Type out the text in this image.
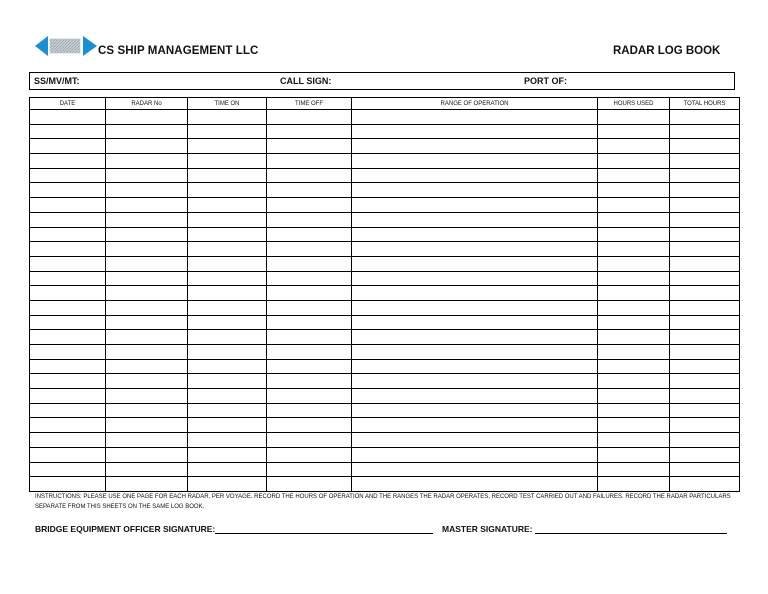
CS SHIP MANAGEMENT LLC	RADAR LOG BOOK
SS/MV/MT:	CALL SIGN:	PORT OF:
DATE	RADAR No	TIME ON	TIME OFF	RANGE OF OPERATION	HOURS USED	TOTAL HOURS

INSTRUCTIONS: PLEASE USE ONE PAGE FOR EACH RADAR, PER VOYAGE. RECORD THE HOURS OF OPERATION AND THE RANGES THE RADAR OPERATES, RECORD TEST CARRIED OUT AND FAILURES. RECORD THE RADAR PARTICULARS SEPARATE FROM THIS SHEETS ON THE SAME LOG BOOK.
BRIDGE EQUIPMENT OFFICER SIGNATURE:	MASTER SIGNATURE:
